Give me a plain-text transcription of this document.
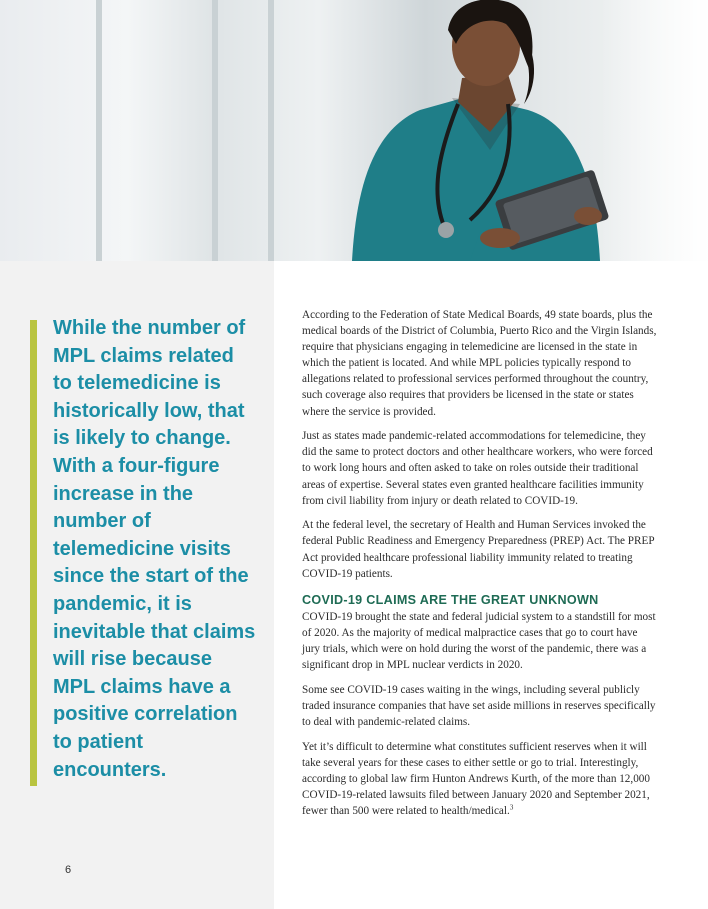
While the number of MPL claims related to telemedicine is historically low, that is likely to change. With a four-figure increase in the number of telemedicine visits since the start of the pandemic, it is inevitable that claims will rise because MPL claims have a positive correlation to patient encounters.

6

According to the Federation of State Medical Boards, 49 state boards, plus the medical boards of the District of Columbia, Puerto Rico and the Virgin Islands, require that physicians engaging in telemedicine are licensed in the state in which the patient is located. And while MPL policies typically respond to allegations related to professional services performed throughout the country, such coverage also requires that providers be licensed in the state or states where the service is provided.

Just as states made pandemic-related accommodations for telemedicine, they did the same to protect doctors and other healthcare workers, who were forced to work long hours and often asked to take on roles outside their traditional areas of expertise. Several states even granted healthcare facilities immunity from civil liability from injury or death related to COVID-19.

At the federal level, the secretary of Health and Human Services invoked the federal Public Readiness and Emergency Preparedness (PREP) Act. The PREP Act provided healthcare professional liability immunity related to treating COVID-19 patients.

COVID-19 CLAIMS ARE THE GREAT UNKNOWN

COVID-19 brought the state and federal judicial system to a standstill for most of 2020. As the majority of medical malpractice cases that go to court have jury trials, which were on hold during the worst of the pandemic, there was a significant drop in MPL nuclear verdicts in 2020.

Some see COVID-19 cases waiting in the wings, including several publicly traded insurance companies that have set aside millions in reserves specifically to deal with pandemic-related claims.

Yet it’s difficult to determine what constitutes sufficient reserves when it will take several years for these cases to either settle or go to trial. Interestingly, according to global law firm Hunton Andrews Kurth, of the more than 12,000 COVID-19-related lawsuits filed between January 2020 and September 2021, fewer than 500 were related to health/medical.$^3$
